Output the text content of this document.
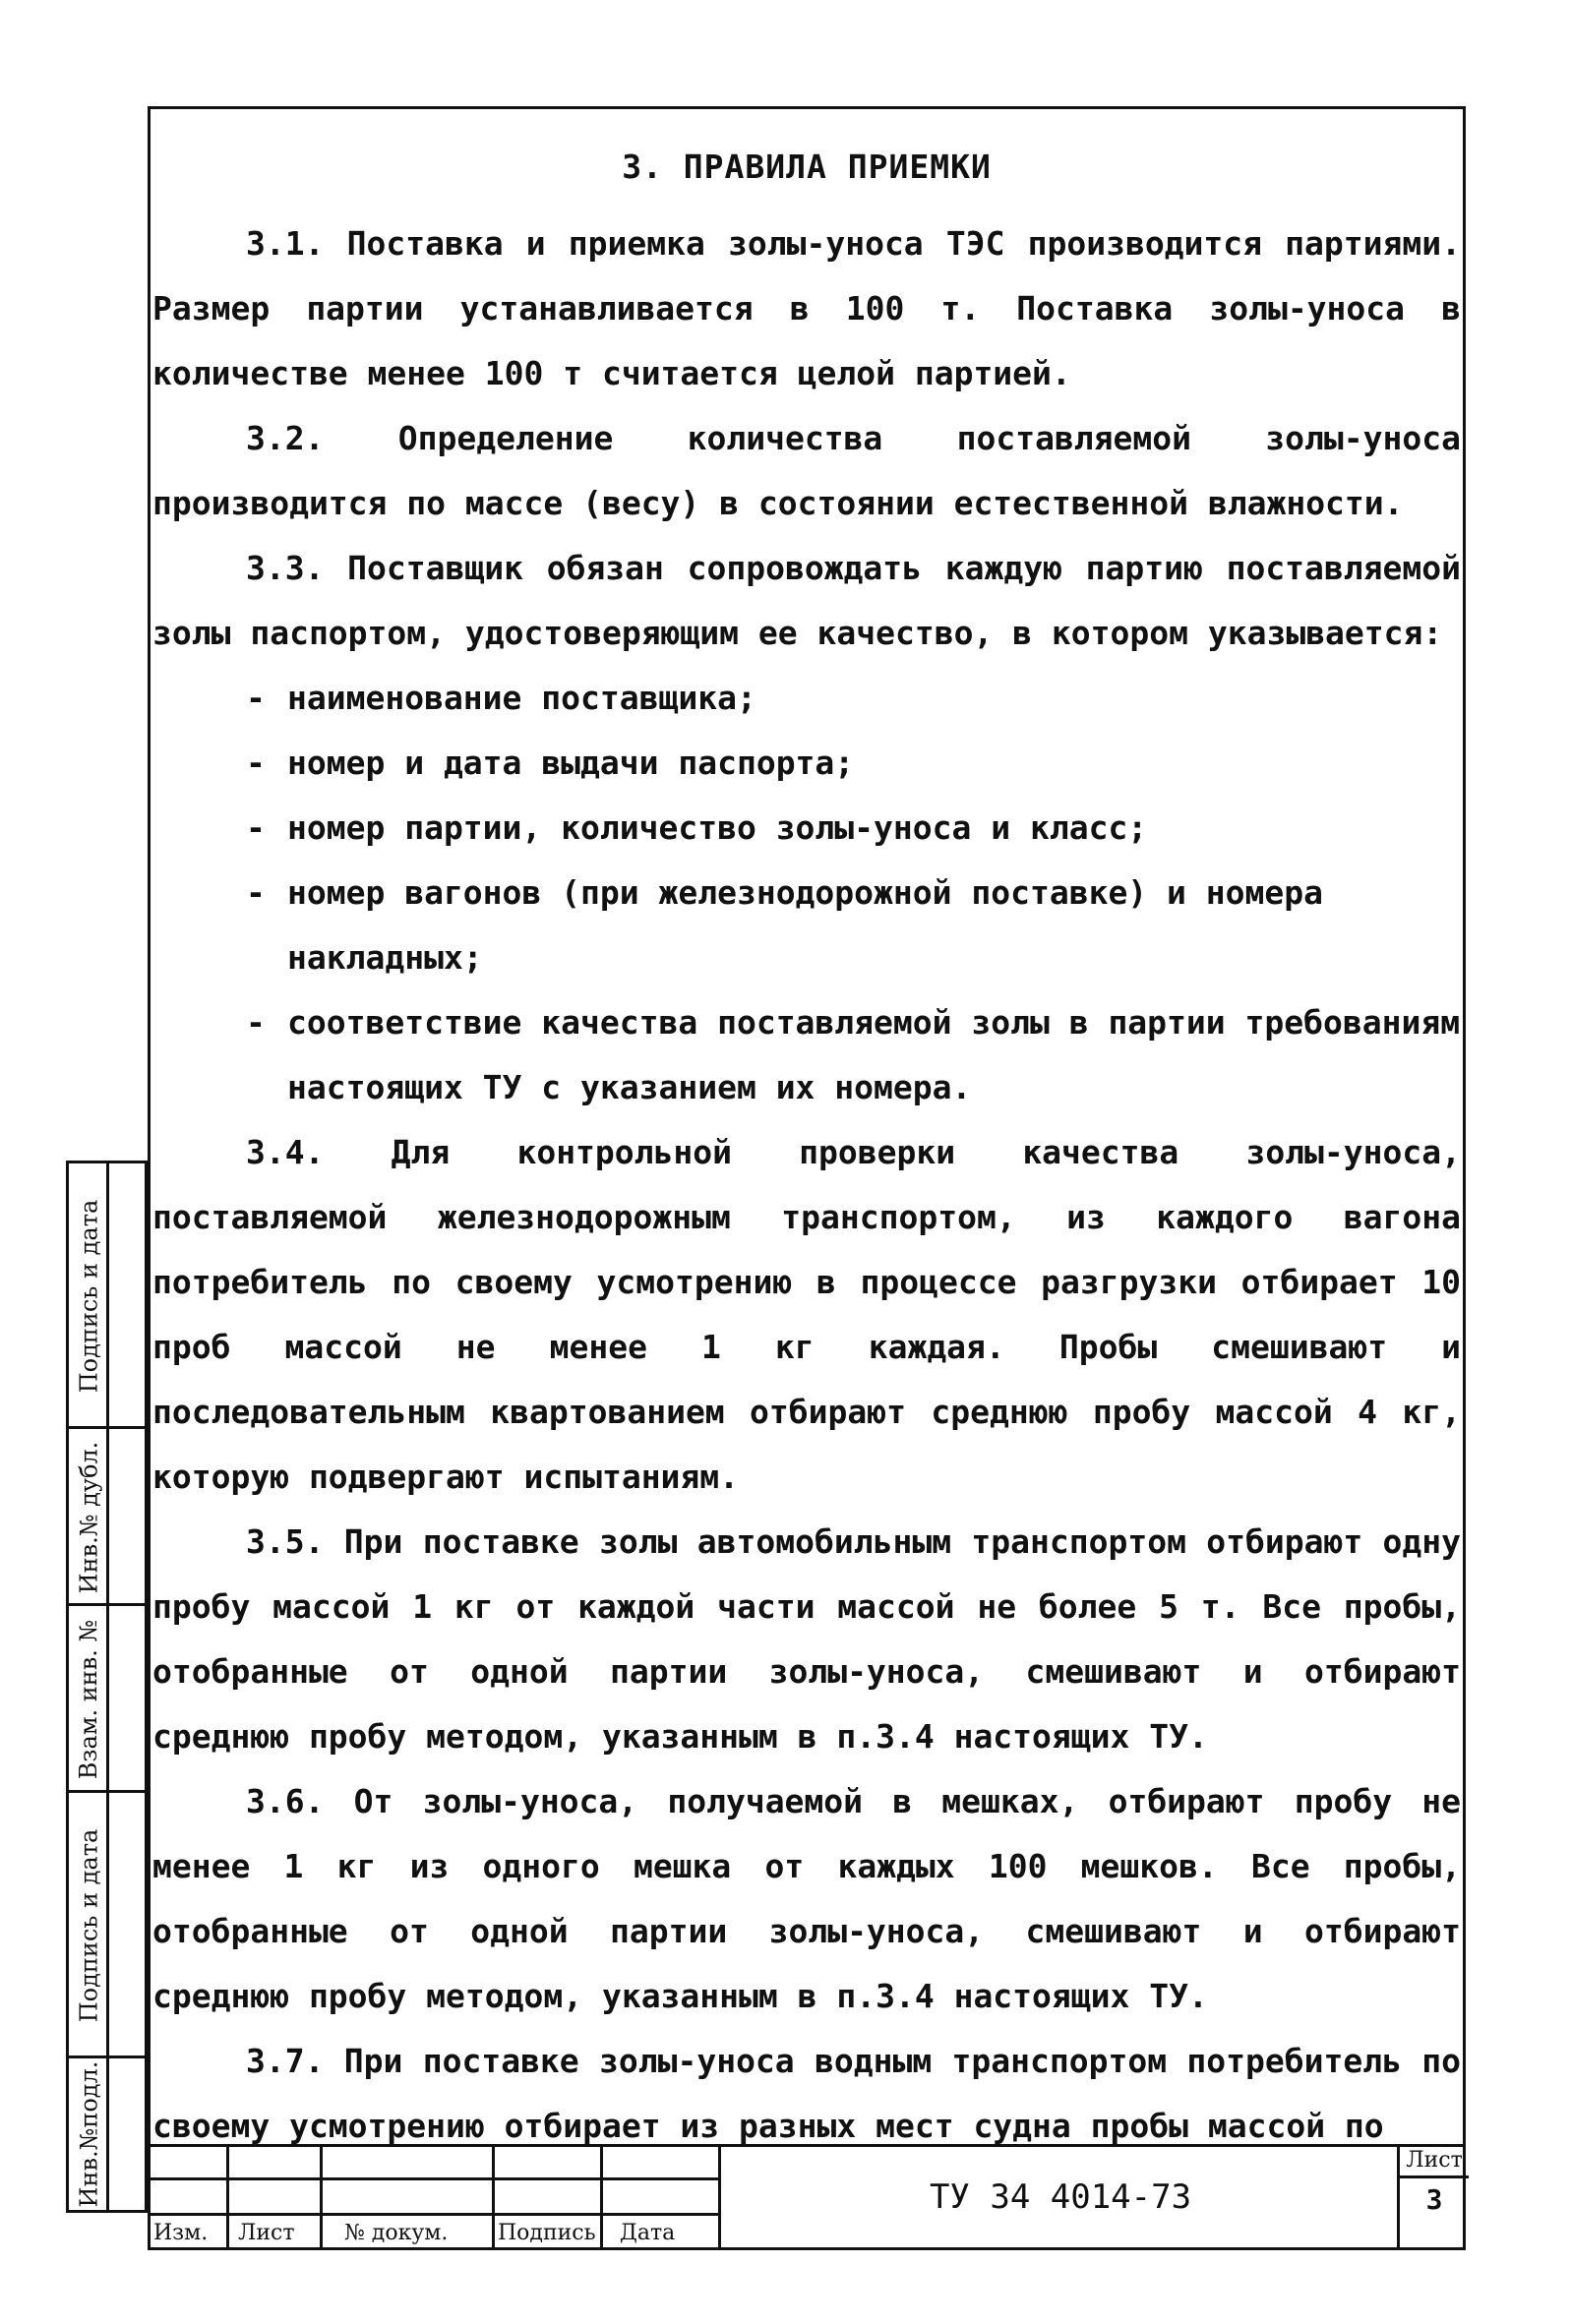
3. ПРАВИЛА ПРИЕМКИ

3.1. Поставка и приемка золы-уноса ТЭС производится партиями. Размер партии устанавливается в 100 т. Поставка золы-уноса в количестве менее 100 т считается целой партией.

3.2. Определение количества поставляемой золы-уноса производится по массе (весу) в состоянии естественной влажности.

3.3. Поставщик обязан сопровождать каждую партию поставляемой золы паспортом, удостоверяющим ее качество, в котором указывается:

- наименование поставщика;
- номер и дата выдачи паспорта;
- номер партии, количество золы-уноса и класс;
- номер вагонов (при железнодорожной поставке) и номера накладных;
- соответствие качества поставляемой золы в партии требованиям настоящих ТУ с указанием их номера.

3.4. Для контрольной проверки качества золы-уноса, поставляемой железнодорожным транспортом, из каждого вагона потребитель по своему усмотрению в процессе разгрузки отбирает 10 проб массой не менее 1 кг каждая. Пробы смешивают и последовательным квартованием отбирают среднюю пробу массой 4 кг, которую подвергают испытаниям.

3.5. При поставке золы автомобильным транспортом отбирают одну пробу массой 1 кг от каждой части массой не более 5 т. Все пробы, отобранные от одной партии золы-уноса, смешивают и отбирают среднюю пробу методом, указанным в п.3.4 настоящих ТУ.

3.6. От золы-уноса, получаемой в мешках, отбирают пробу не менее 1 кг из одного мешка от каждых 100 мешков. Все пробы, отобранные от одной партии золы-уноса, смешивают и отбирают среднюю пробу методом, указанным в п.3.4 настоящих ТУ.

3.7. При поставке золы-уноса водным транспортом потребитель по своему усмотрению отбирает из разных мест судна пробы массой по

Подпись и дата
Инв.№ дубл.
Взам. инв. №
Подпись и дата
Инв.№подл.
Изм. Лист № докум. Подпись Дата
ТУ 34 4014-73
Лист
3
